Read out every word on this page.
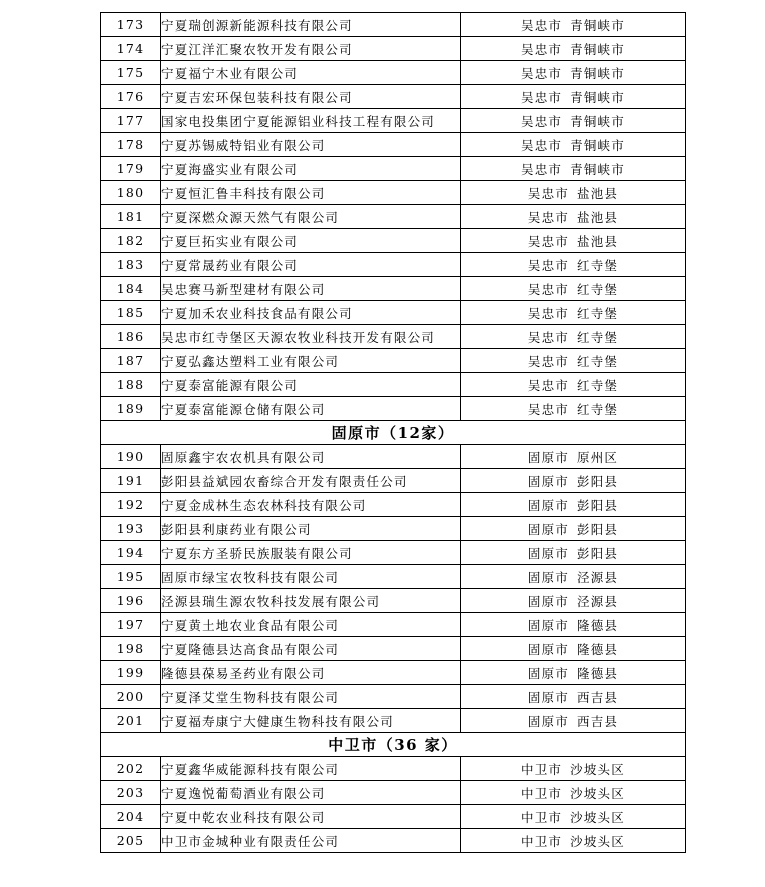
173	宁夏瑞创源新能源科技有限公司	吴忠市 青铜峡市
174	宁夏江洋汇聚农牧开发有限公司	吴忠市 青铜峡市
175	宁夏福宁木业有限公司	吴忠市 青铜峡市
176	宁夏吉宏环保包装科技有限公司	吴忠市 青铜峡市
177	国家电投集团宁夏能源铝业科技工程有限公司	吴忠市 青铜峡市
178	宁夏苏锡威特铝业有限公司	吴忠市 青铜峡市
179	宁夏海盛实业有限公司	吴忠市 青铜峡市
180	宁夏恒汇鲁丰科技有限公司	吴忠市 盐池县
181	宁夏深燃众源天然气有限公司	吴忠市 盐池县
182	宁夏巨拓实业有限公司	吴忠市 盐池县
183	宁夏常晟药业有限公司	吴忠市 红寺堡
184	吴忠赛马新型建材有限公司	吴忠市 红寺堡
185	宁夏加禾农业科技食品有限公司	吴忠市 红寺堡
186	吴忠市红寺堡区天源农牧业科技开发有限公司	吴忠市 红寺堡
187	宁夏弘鑫达塑料工业有限公司	吴忠市 红寺堡
188	宁夏泰富能源有限公司	吴忠市 红寺堡
189	宁夏泰富能源仓储有限公司	吴忠市 红寺堡
固原市（12家）		
190	固原鑫宇农农机具有限公司	固原市 原州区
191	彭阳县益斌园农畜综合开发有限责任公司	固原市 彭阳县
192	宁夏金成林生态农林科技有限公司	固原市 彭阳县
193	彭阳县利康药业有限公司	固原市 彭阳县
194	宁夏东方圣骄民族服装有限公司	固原市 彭阳县
195	固原市绿宝农牧科技有限公司	固原市 泾源县
196	泾源县瑞生源农牧科技发展有限公司	固原市 泾源县
197	宁夏黄土地农业食品有限公司	固原市 隆德县
198	宁夏隆德县达高食品有限公司	固原市 隆德县
199	隆德县葆易圣药业有限公司	固原市 隆德县
200	宁夏泽艾堂生物科技有限公司	固原市 西吉县
201	宁夏福寿康宁大健康生物科技有限公司	固原市 西吉县
中卫市（36 家）		
202	宁夏鑫华威能源科技有限公司	中卫市 沙坡头区
203	宁夏逸悦葡萄酒业有限公司	中卫市 沙坡头区
204	宁夏中乾农业科技有限公司	中卫市 沙坡头区
205	中卫市金城种业有限责任公司	中卫市 沙坡头区
